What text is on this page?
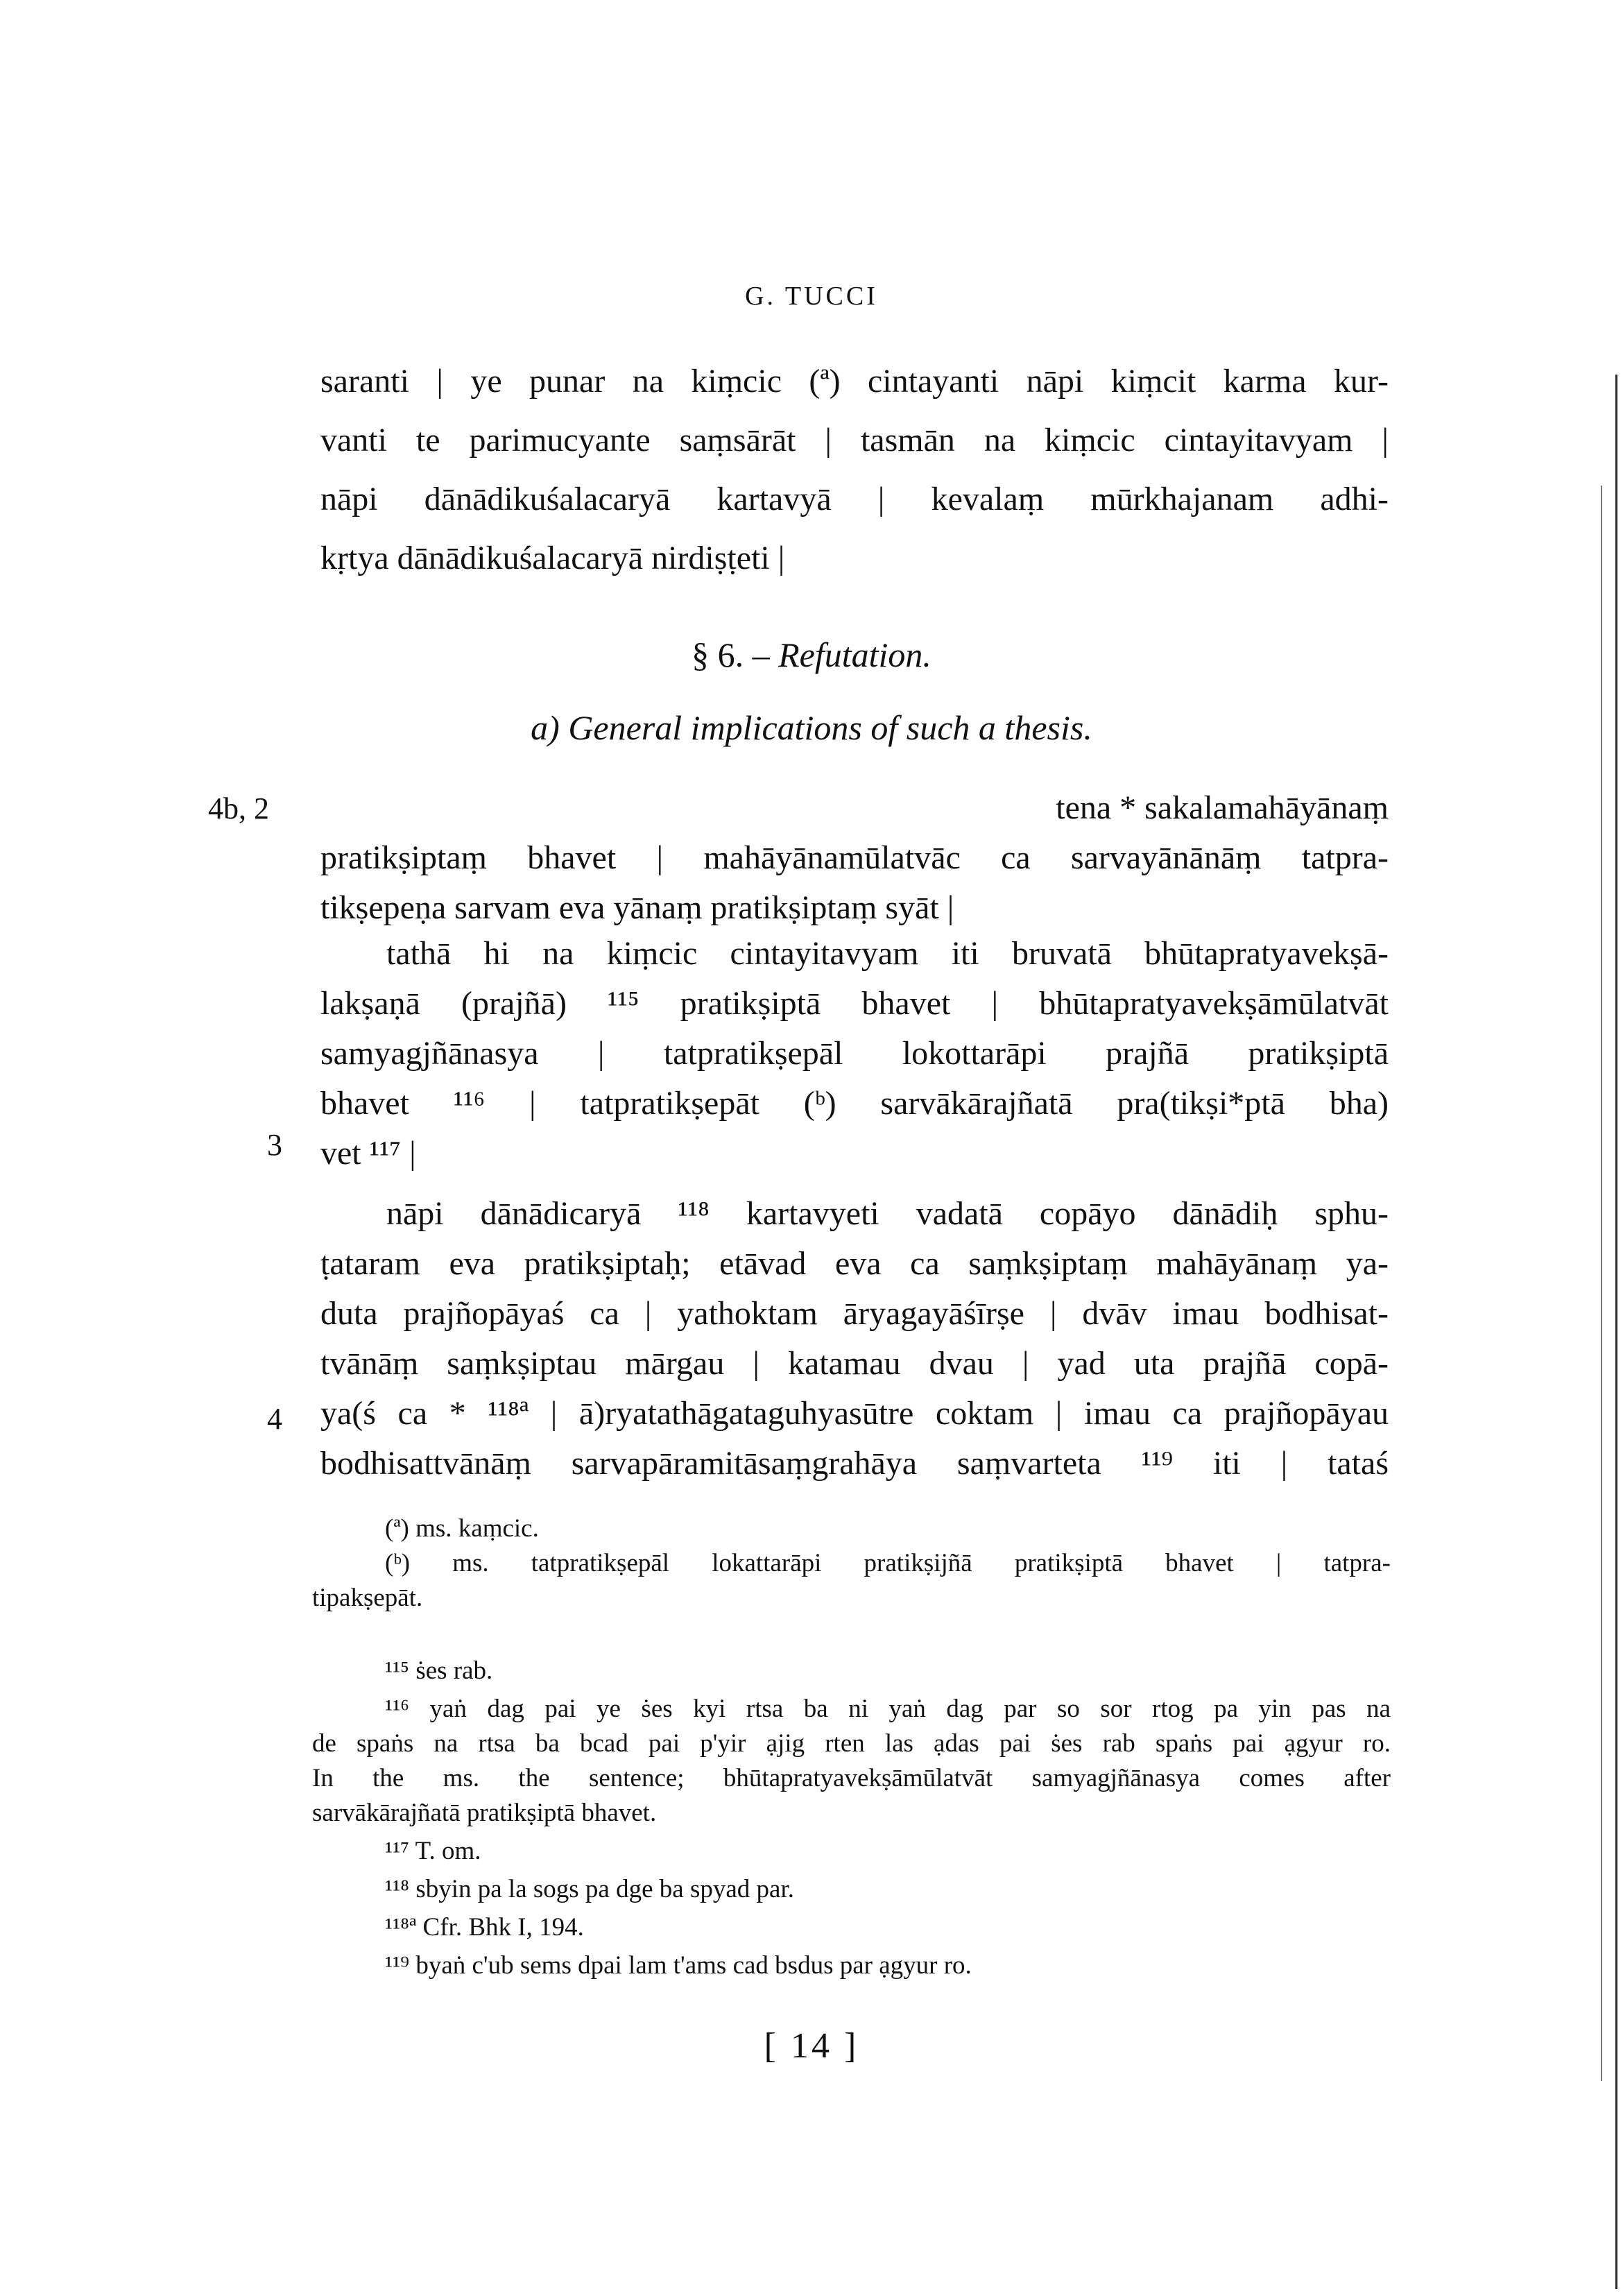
G. TUCCI
saranti | ye punar na kiṃcic (ª) cintayanti nāpi kiṃcit karma kur-
vanti te parimucyante saṃsārāt | tasmān na kiṃcic cintayitavyam |
nāpi dānādikuśalacaryā kartavyā | kevalaṃ mūrkhajanam adhi-
kṛtya dānādikuśalacaryā nirdiṣṭeti |
§ 6. – Refutation.
a) General implications of such a thesis.
4b, 2
3
4
tena * sakalamahāyānaṃ
pratikṣiptaṃ bhavet | mahāyānamūlatvāc ca sarvayānānāṃ tatpra-
tikṣepeṇa sarvam eva yānaṃ pratikṣiptaṃ syāt |
tathā hi na kiṃcic cintayitavyam iti bruvatā bhūtapratyavekṣā-
lakṣaṇā (prajñā) ¹¹⁵ pratikṣiptā bhavet | bhūtapratyavekṣāmūlatvāt
samyagjñānasya | tatpratikṣepāl lokottarāpi prajñā pratikṣiptā
bhavet ¹¹⁶ | tatpratikṣepāt (ᵇ) sarvākārajñatā pra(tikṣi*ptā bha)
vet ¹¹⁷ |
nāpi dānādicaryā ¹¹⁸ kartavyeti vadatā copāyo dānādiḥ sphu-
ṭataram eva pratikṣiptaḥ; etāvad eva ca saṃkṣiptaṃ mahāyānaṃ ya-
duta prajñopāyaś ca | yathoktam āryagayāśīrṣe | dvāv imau bodhisat-
tvānāṃ saṃkṣiptau mārgau | katamau dvau | yad uta prajñā copā-
ya(ś ca * ¹¹⁸ª | ā)ryatathāgataguhyasūtre coktam | imau ca prajñopāyau
bodhisattvānāṃ sarvapāramitāsaṃgrahāya saṃvarteta ¹¹⁹ iti | tataś
(ª) ms. kaṃcic.
(ᵇ) ms. tatpratikṣepāl lokattarāpi pratikṣijñā pratikṣiptā bhavet | tatpra-
tipakṣepāt.
¹¹⁵ ṡes rab.
¹¹⁶ yaṅ dag pai ye ṡes kyi rtsa ba ni yaṅ dag par so sor rtog pa yin pas na
de spaṅs na rtsa ba bcad pai p'yir ạjig rten las ạdas pai ṡes rab spaṅs pai ạgyur ro.
In the ms. the sentence; bhūtapratyavekṣāmūlatvāt samyagjñānasya comes after
sarvākārajñatā pratikṣiptā bhavet.
¹¹⁷ T. om.
¹¹⁸ sbyin pa la sogs pa dge ba spyad par.
¹¹⁸ª Cfr. Bhk I, 194.
¹¹⁹ byaṅ c'ub sems dpai lam t'ams cad bsdus par ạgyur ro.
[ 14 ]
